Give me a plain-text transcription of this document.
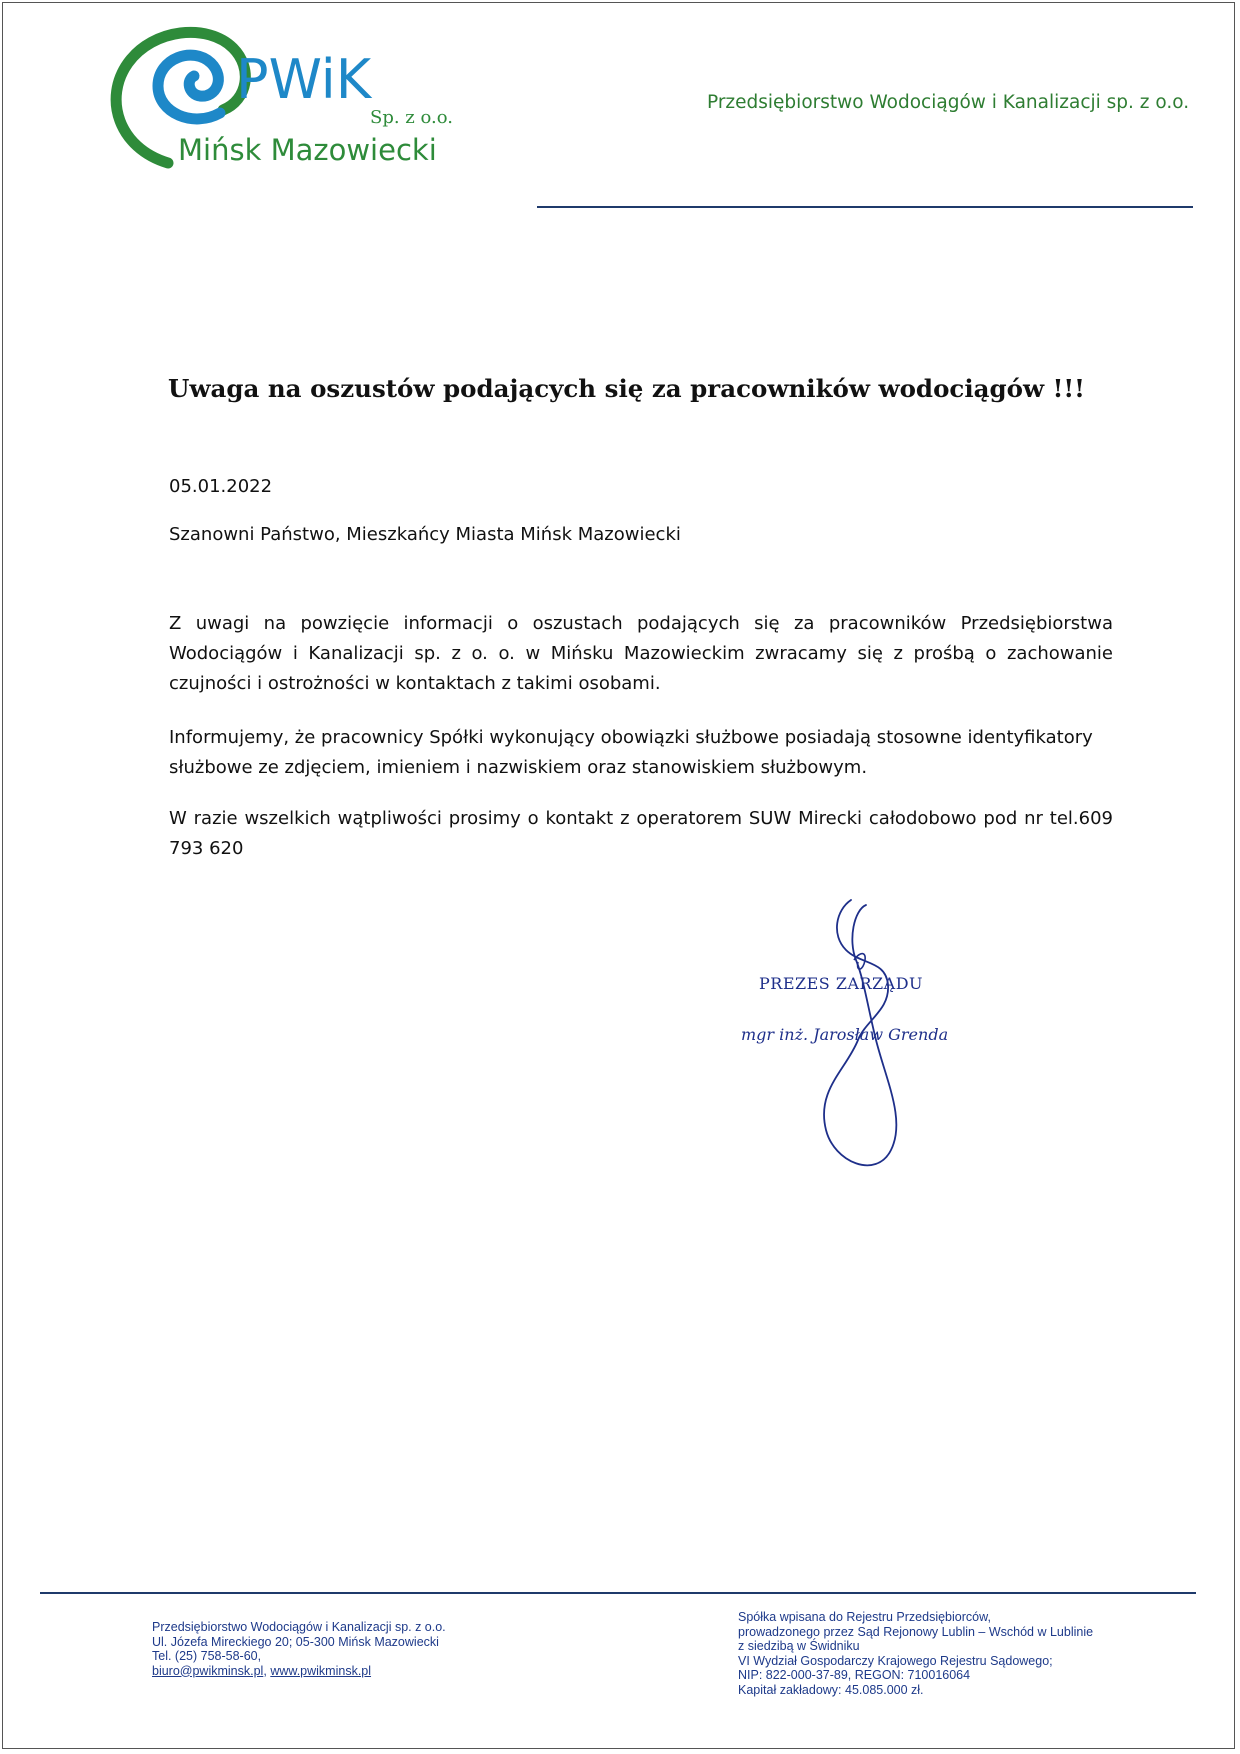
PWiK
Sp. z o.o.
Mińsk Mazowiecki
Przedsiębiorstwo Wodociągów i Kanalizacji sp. z o.o.
Uwaga na oszustów podających się za pracowników wodociągów !!!
05.01.2022
Szanowni Państwo, Mieszkańcy Miasta Mińsk Mazowiecki
Z uwagi na powzięcie informacji o oszustach podających się za pracowników Przedsiębiorstwa Wodociągów i Kanalizacji sp. z o. o. w Mińsku Mazowieckim zwracamy się z prośbą o zachowanie czujności i ostrożności w kontaktach z takimi osobami.
Informujemy, że pracownicy Spółki wykonujący obowiązki służbowe posiadają stosowne identyfikatory służbowe ze zdjęciem, imieniem i nazwiskiem oraz stanowiskiem służbowym.
W razie wszelkich wątpliwości prosimy o kontakt z operatorem SUW Mirecki całodobowo pod nr tel.609 793 620
PREZES ZARZĄDU
mgr inż. Jarosław Grenda
Przedsiębiorstwo Wodociągów i Kanalizacji sp. z o.o.
Ul. Józefa Mireckiego 20; 05-300 Mińsk Mazowiecki
Tel. (25) 758-58-60,
biuro@pwikminsk.pl, www.pwikminsk.pl
Spółka wpisana do Rejestru Przedsiębiorców,
prowadzonego przez Sąd Rejonowy Lublin – Wschód w Lublinie
z siedzibą w Świdniku
VI Wydział Gospodarczy Krajowego Rejestru Sądowego;
NIP: 822-000-37-89, REGON: 710016064
Kapitał zakładowy: 45.085.000 zł.
